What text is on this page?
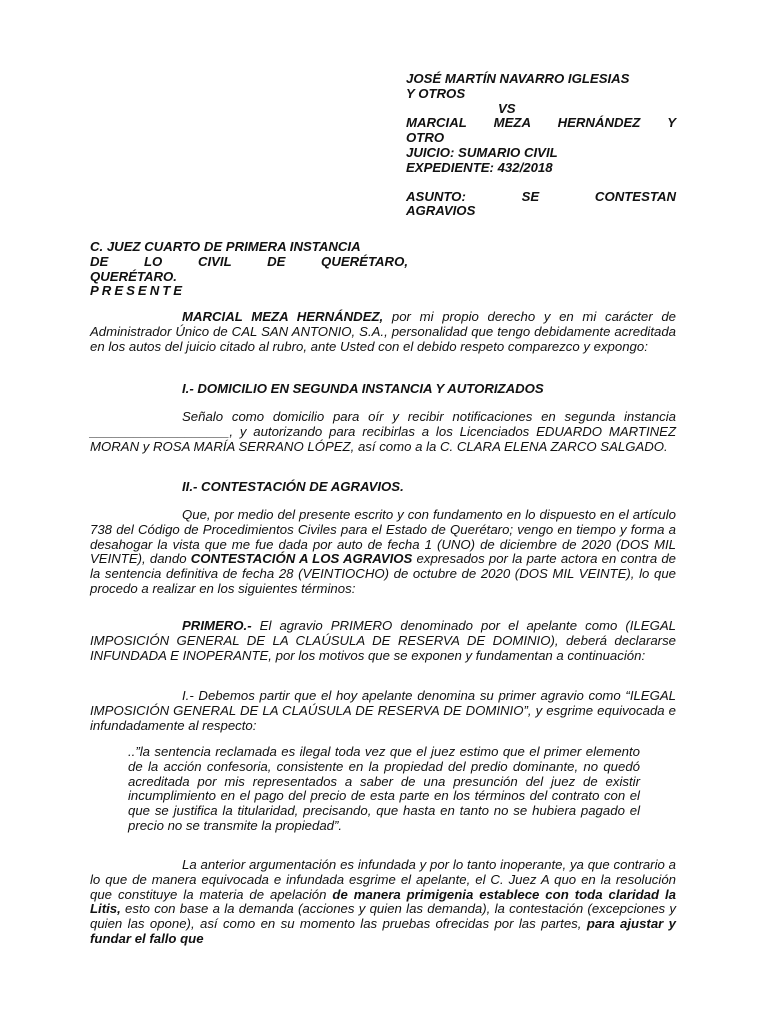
JOSÉ MARTÍN NAVARRO IGLESIAS
Y OTROS
VS
MARCIAL MEZA HERNÁNDEZ Y
OTRO
JUICIO: SUMARIO CIVIL
EXPEDIENTE: 432/2018
ASUNTO: SE CONTESTAN
AGRAVIOS
C. JUEZ CUARTO DE PRIMERA INSTANCIA
DE LO CIVIL DE QUERÉTARO,
QUERÉTARO.
PRESENTE

MARCIAL MEZA HERNÁNDEZ, por mi propio derecho y en mi carácter de Administrador Único de CAL SAN ANTONIO, S.A., personalidad que tengo debidamente acreditada en los autos del juicio citado al rubro, ante Usted con el debido respeto comparezco y expongo:

I.- DOMICILIO EN SEGUNDA INSTANCIA Y AUTORIZADOS

Señalo como domicilio para oír y recibir notificaciones en segunda instancia ___________________, y autorizando para recibirlas a los Licenciados EDUARDO MARTINEZ MORAN y ROSA MARÍA SERRANO LÓPEZ, así como a la C. CLARA ELENA ZARCO SALGADO.

II.- CONTESTACIÓN DE AGRAVIOS.

Que, por medio del presente escrito y con fundamento en lo dispuesto en el artículo 738 del Código de Procedimientos Civiles para el Estado de Querétaro; vengo en tiempo y forma a desahogar la vista que me fue dada por auto de fecha 1 (UNO) de diciembre de 2020 (DOS MIL VEINTE), dando CONTESTACIÓN A LOS AGRAVIOS expresados por la parte actora en contra de la sentencia definitiva de fecha 28 (VEINTIOCHO) de octubre de 2020 (DOS MIL VEINTE), lo que procedo a realizar en los siguientes términos:

PRIMERO.- El agravio PRIMERO denominado por el apelante como (ILEGAL IMPOSICIÓN GENERAL DE LA CLAÚSULA DE RESERVA DE DOMINIO), deberá declararse INFUNDADA E INOPERANTE, por los motivos que se exponen y fundamentan a continuación:

I.- Debemos partir que el hoy apelante denomina su primer agravio como “ILEGAL IMPOSICIÓN GENERAL DE LA CLAÚSULA DE RESERVA DE DOMINIO”, y esgrime equivocada e infundadamente al respecto:

..”la sentencia reclamada es ilegal toda vez que el juez estimo que el primer elemento de la acción confesoria, consistente en la propiedad del predio dominante, no quedó acreditada por mis representados a saber de una presunción del juez de existir incumplimiento en el pago del precio de esta parte en los términos del contrato con el que se justifica la titularidad, precisando, que hasta en tanto no se hubiera pagado el precio no se transmite la propiedad”.

La anterior argumentación es infundada y por lo tanto inoperante, ya que contrario a lo que de manera equivocada e infundada esgrime el apelante, el C. Juez A quo en la resolución que constituye la materia de apelación de manera primigenia establece con toda claridad la Litis, esto con base a la demanda (acciones y quien las demanda), la contestación (excepciones y quien las opone), así como en su momento las pruebas ofrecidas por las partes, para ajustar y fundar el fallo que
